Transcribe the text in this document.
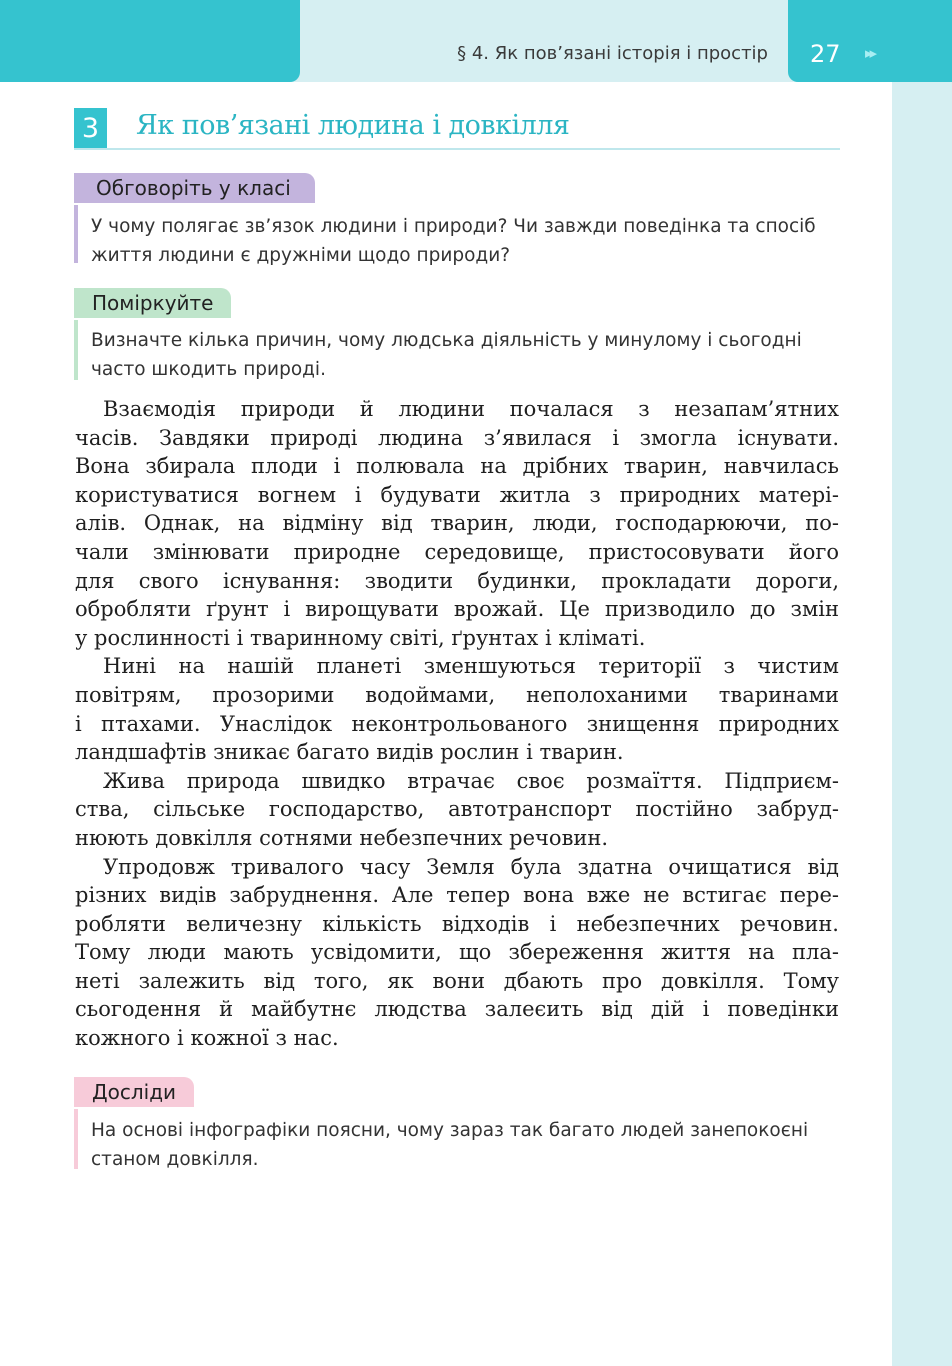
§ 4. Як пов’язані історія і простір 27 ▸▸
3 Як пов’язані людина і довкілля
Обговоріть у класі
У чому полягає зв’язок людини і природи? Чи завжди поведінка та спосіб
життя людини є дружніми щодо природи?
Поміркуйте
Визначте кілька причин, чому людська діяльність у минулому і сьогодні
часто шкодить природі.

Взаємодія природи й людини почалася з незапам’ятних
часів. Завдяки природі людина з’явилася і змогла існувати.
Вона збирала плоди і полювала на дрібних тварин, навчилась
користуватися вогнем і будувати житла з природних матері-
алів. Однак, на відміну від тварин, люди, господарюючи, по-
чали змінювати природне середовище, пристосовувати його
для свого існування: зводити будинки, прокладати дороги,
обробляти ґрунт і вирощувати врожай. Це призводило до змін
у рослинності і тваринному світі, ґрунтах і кліматі.

Нині на нашій планеті зменшуються території з чистим
повітрям, прозорими водоймами, неполоханими тваринами
і птахами. Унаслідок неконтрольованого знищення природних
ландшафтів зникає багато видів рослин і тварин.

Жива природа швидко втрачає своє розмаїття. Підприєм-
ства, сільське господарство, автотранспорт постійно забруд-
нюють довкілля сотнями небезпечних речовин.

Упродовж тривалого часу Земля була здатна очищатися від
різних видів забруднення. Але тепер вона вже не встигає пере-
робляти величезну кількість відходів і небезпечних речовин.
Тому люди мають усвідомити, що збереження життя на пла-
неті залежить від того, як вони дбають про довкілля. Тому
сьогодення й майбутнє людства залеєить від дій і поведінки
кожного і кожної з нас.

Досліди
На основі інфографіки поясни, чому зараз так багато людей занепокоєні
станом довкілля.
